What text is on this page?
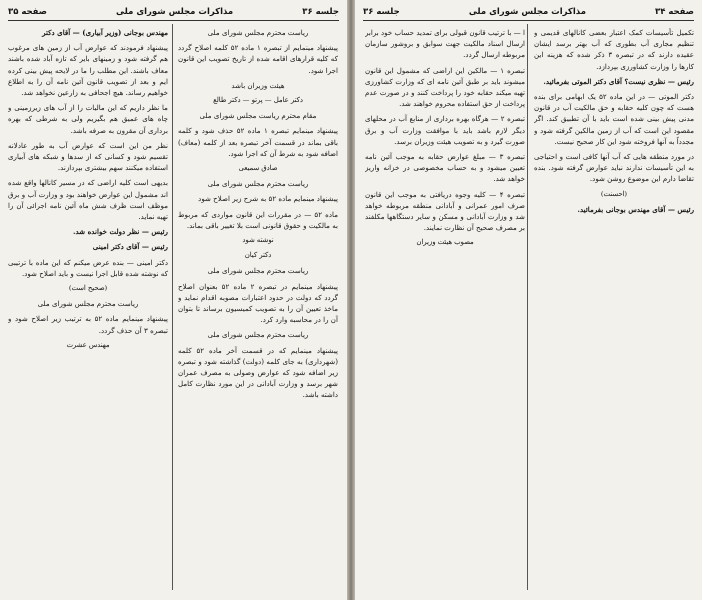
جلسه ۳۶
مذاکرات مجلس شورای ملی
صفحه ۳۵

ریاست محترم مجلس شورای ملی

پیشنهاد مینمایم از تبصره ۱ ماده ۵۲ کلمه اصلاح گردد که کلیه قرارهای اقامه شده از تاریخ تصویب این قانون اجرا شود.

هیئت وزیران باشد

دکتر عامل — پرتو — دکتر طالع

مقام محترم ریاست مجلس شورای ملی

پیشنهاد مینمایم تبصره ۱ ماده ۵۲ حذف شود و کلمه باقی بماند در قسمت آخر تبصره بعد از کلمه (معاف) اضافه شود به شرط آن که اجرا شود.

صادق سمیعی

ریاست محترم مجلس شورای ملی

پیشنهاد مینمایم ماده ۵۲ به شرح زیر اصلاح شود

ماده ۵۲ — در مقررات این قانون مواردی که مربوط به مالکیت و حقوق قانونی است بلا تغییر باقی بماند.

نوشته شود

دکتر کیان

ریاست محترم مجلس شورای ملی

پیشنهاد مینمایم در تبصره ۲ ماده ۵۲ بعنوان اصلاح گردد که دولت در حدود اعتبارات مصوبه اقدام نماید و ماخذ تعیین آن را به تصویب کمیسیون برساند تا بتوان آن را در محاسبه وارد کرد.

ریاست محترم مجلس شورای ملی

پیشنهاد مینمایم که در قسمت آخر ماده ۵۲ کلمه (شهرداری) به جای کلمه (دولت) گذاشته شود و تبصره زیر اضافه شود که عوارض وصولی به مصرف عمران شهر برسد و وزارت آبادانی در این مورد نظارت کامل داشته باشد.

مهندس بوجانی (وزیر آبیاری) — آقای دکتر

پیشنهاد فرمودند که عوارض آب از زمین های مرغوب هم گرفته شود و زمینهای بایر که تازه آباد شده باشند معاف باشند. این مطلب را ما در لایحه پیش بینی کرده ایم و بعد از تصویب قانون آئین نامه آن را به اطلاع خواهیم رساند. هیچ اجحافی به زارعین نخواهد شد.

ما نظر داریم که این مالیات را از آب های زیرزمینی و چاه های عمیق هم بگیریم ولی به شرطی که بهره برداری آن مقرون به صرفه باشد.

نظر من این است که عوارض آب به طور عادلانه تقسیم شود و کسانی که از سدها و شبکه های آبیاری استفاده میکنند سهم بیشتری بپردازند.

بدیهی است کلیه اراضی که در مسیر کانالها واقع شده اند مشمول این عوارض خواهند بود و وزارت آب و برق موظف است ظرف شش ماه آئین نامه اجرائی آن را تهیه نماید.

رئیس — نظر دولت خوانده شد.

رئیس — آقای دکتر امینی

دکتر امینی — بنده عرض میکنم که این ماده با ترتیبی که نوشته شده قابل اجرا نیست و باید اصلاح شود.

(صحیح است)

ریاست محترم مجلس شورای ملی

پیشنهاد مینمایم ماده ۵۲ به ترتیب زیر اصلاح شود و تبصره ۳ آن حذف گردد.

مهندس عشرت

صفحه ۳۴
مذاکرات مجلس شورای ملی
جلسه ۳۶

تکمیل تأسیسات کمک اعتبار بعضی کانالهای قدیمی و تنظیم مجاری آب بطوری که آب بهتر برسد ایشان عقیده دارند که در تبصره ۳ ذکر شده که هزینه این کارها را وزارت کشاورزی بپردازد.

رئیس — نظری نیست؟ آقای دکتر الموتی بفرمائید.

دکتر الموتی — در این ماده ۵۲ یک ابهامی برای بنده هست که چون کلیه حقابه و حق مالکیت آب در قانون مدنی پیش بینی شده است باید با آن تطبیق کند. اگر مقصود این است که آب از زمین مالکین گرفته شود و مجدداً به آنها فروخته شود این کار صحیح نیست.

در مورد منطقه هایی که آب آنها کافی است و احتیاجی به این تأسیسات ندارند نباید عوارض گرفته شود. بنده تقاضا دارم این موضوع روشن شود.

(احسنت)

رئیس — آقای مهندس بوجانی بفرمائید.

ا — با ترتیب قانون قبولی برای تمدید حساب خود برابر ارسال اسناد مالکیت جهت سوابق و بروشور سازمان مربوطه ارسال گردد.

تبصره ۱ — مالکین این اراضی که مشمول این قانون میشوند باید بر طبق آئین نامه ای که وزارت کشاورزی تهیه میکند حقابه خود را پرداخت کنند و در صورت عدم پرداخت از حق استفاده محروم خواهند شد.

تبصره ۲ — هرگاه بهره برداری از منابع آب در محلهای دیگر لازم باشد باید با موافقت وزارت آب و برق صورت گیرد و به تصویب هیئت وزیران برسد.

تبصره ۳ — مبلغ عوارض حقابه به موجب آئین نامه تعیین میشود و به حساب مخصوصی در خزانه واریز خواهد شد.

تبصره ۴ — کلیه وجوه دریافتی به موجب این قانون صرف امور عمرانی و آبادانی منطقه مربوطه خواهد شد و وزارت آبادانی و مسکن و سایر دستگاهها مکلفند بر مصرف صحیح آن نظارت نمایند.

مصوب هیئت وزیران
